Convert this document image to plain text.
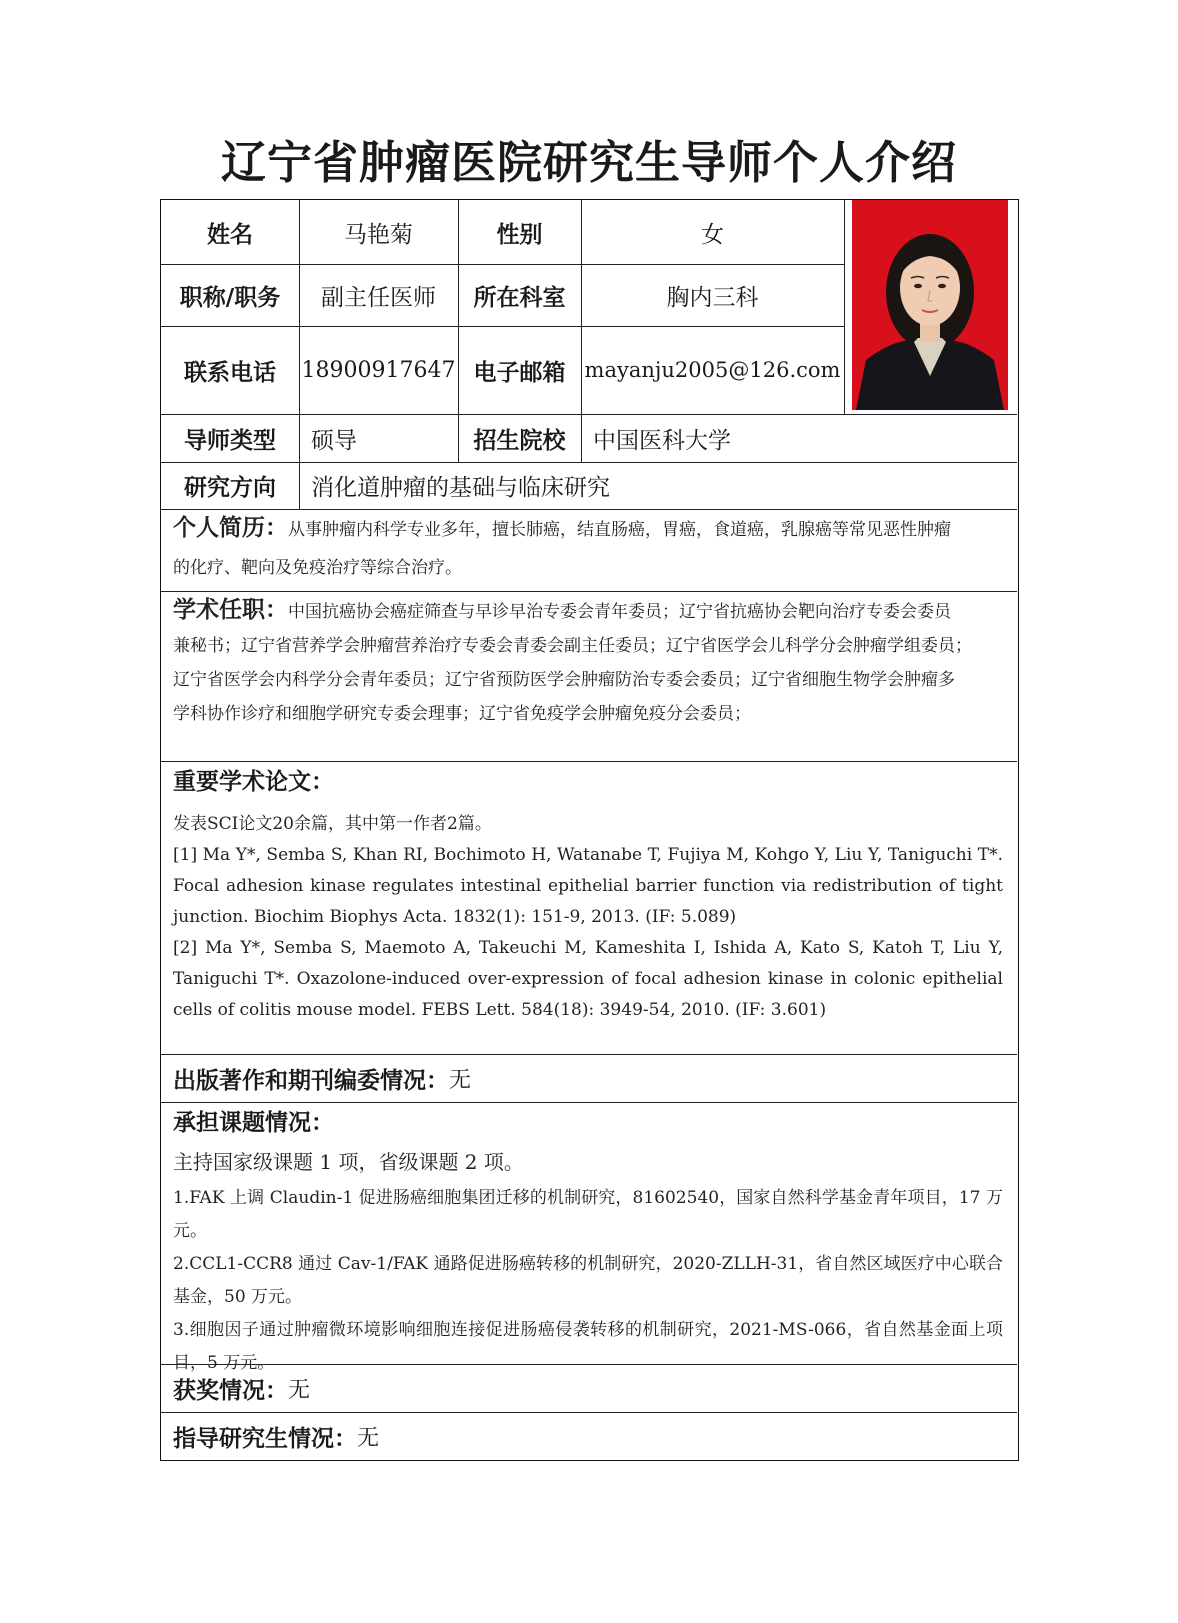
辽宁省肿瘤医院研究生导师个人介绍
姓名	马艳菊	性别	女
职称/职务	副主任医师	所在科室	胸内三科
联系电话	18900917647 电子邮箱 mayanju2005@126.com
导师类型	硕导	招生院校	中国医科大学
研究方向	消化道肿瘤的基础与临床研究
个人简历：从事肿瘤内科学专业多年，擅长肺癌，结直肠癌，胃癌，食道癌，乳腺癌等常见恶性肿瘤
的化疗、靶向及免疫治疗等综合治疗。
学术任职：中国抗癌协会癌症筛查与早诊早治专委会青年委员；辽宁省抗癌协会靶向治疗专委会委员
兼秘书；辽宁省营养学会肿瘤营养治疗专委会青委会副主任委员；辽宁省医学会儿科学分会肿瘤学组委员；
辽宁省医学会内科学分会青年委员；辽宁省预防医学会肿瘤防治专委会委员；辽宁省细胞生物学会肿瘤多
学科协作诊疗和细胞学研究专委会理事；辽宁省免疫学会肿瘤免疫分会委员；
重要学术论文：
发表SCI论文20余篇，其中第一作者2篇。
[1] Ma Y*, Semba S, Khan RI, Bochimoto H, Watanabe T, Fujiya M, Kohgo Y, Liu Y, Taniguchi T*. Focal adhesion kinase regulates intestinal epithelial barrier function via redistribution of tight junction. Biochim Biophys Acta. 1832(1): 151-9, 2013. (IF: 5.089)
[2] Ma Y*, Semba S, Maemoto A, Takeuchi M, Kameshita I, Ishida A, Kato S, Katoh T, Liu Y, Taniguchi T*. Oxazolone-induced over-expression of focal adhesion kinase in colonic epithelial cells of colitis mouse model. FEBS Lett. 584(18): 3949-54, 2010. (IF: 3.601)
出版著作和期刊编委情况： 无
承担课题情况：
主持国家级课题 1 项，省级课题 2 项。
1.FAK 上调 Claudin-1 促进肠癌细胞集团迁移的机制研究，81602540，国家自然科学基金青年项目，17 万元。
2.CCL1-CCR8 通过 Cav-1/FAK 通路促进肠癌转移的机制研究，2020-ZLLH-31，省自然区域医疗中心联合基金，50 万元。
3.细胞因子通过肿瘤微环境影响细胞连接促进肠癌侵袭转移的机制研究，2021-MS-066，省自然基金面上项目，5 万元。
获奖情况： 无
指导研究生情况： 无
